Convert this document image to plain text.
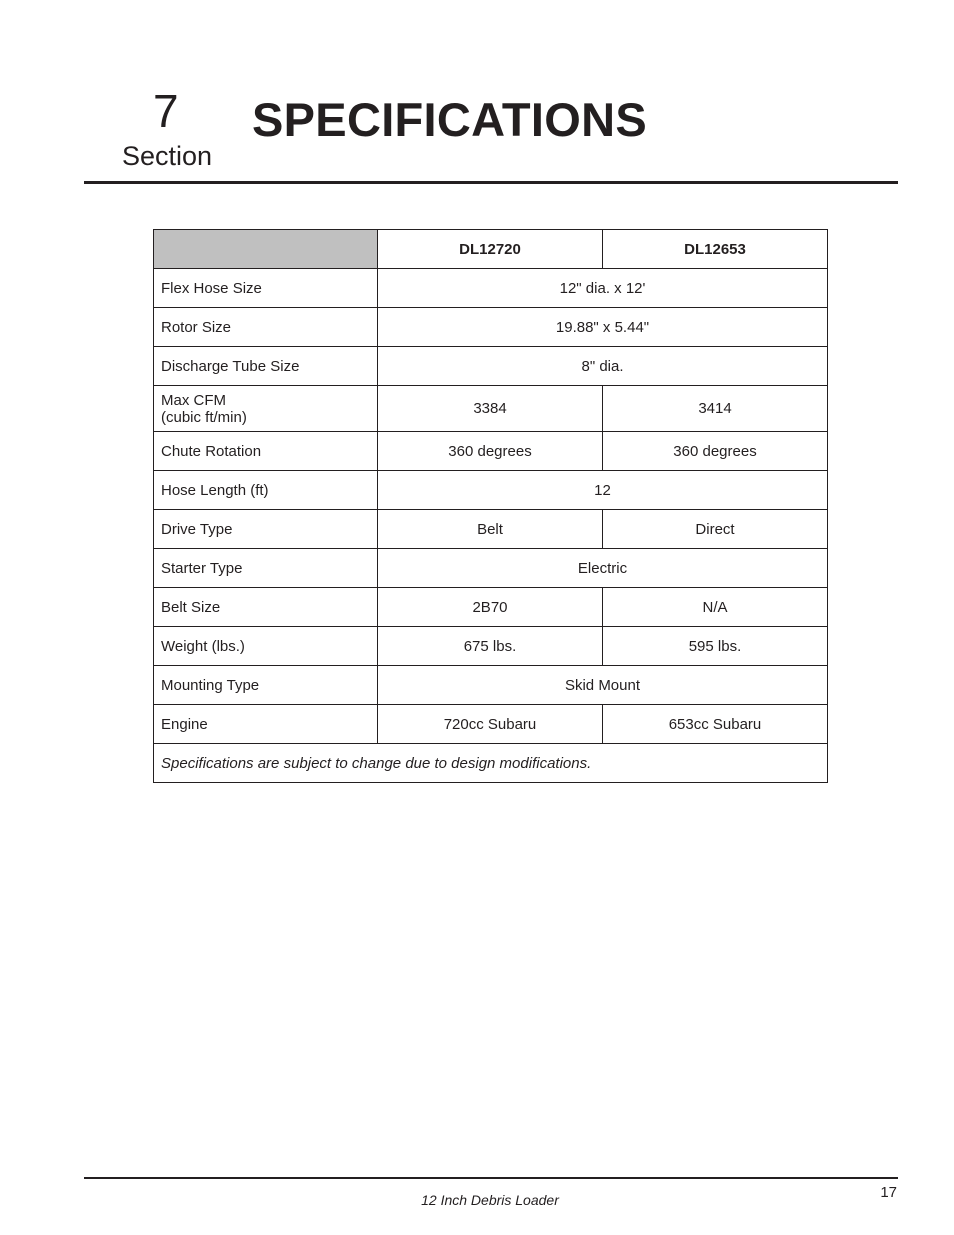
7
Section
SPECIFICATIONS
	DL12720	DL12653
Flex Hose Size	12" dia. x 12'	
Rotor Size	19.88" x 5.44"	
Discharge Tube Size	8" dia.	

Max CFM
(cubic ft/min)	3384	3414
Chute Rotation	360 degrees	360 degrees
Hose Length (ft)	12	
Drive Type	Belt	Direct
Starter Type	Electric	
Belt Size	2B70	N/A
Weight (lbs.)	675 lbs.	595 lbs.
Mounting Type	Skid Mount	
Engine	720cc Subaru	653cc Subaru
Specifications are subject to change due to design modifications.		
12 Inch Debris Loader	17
